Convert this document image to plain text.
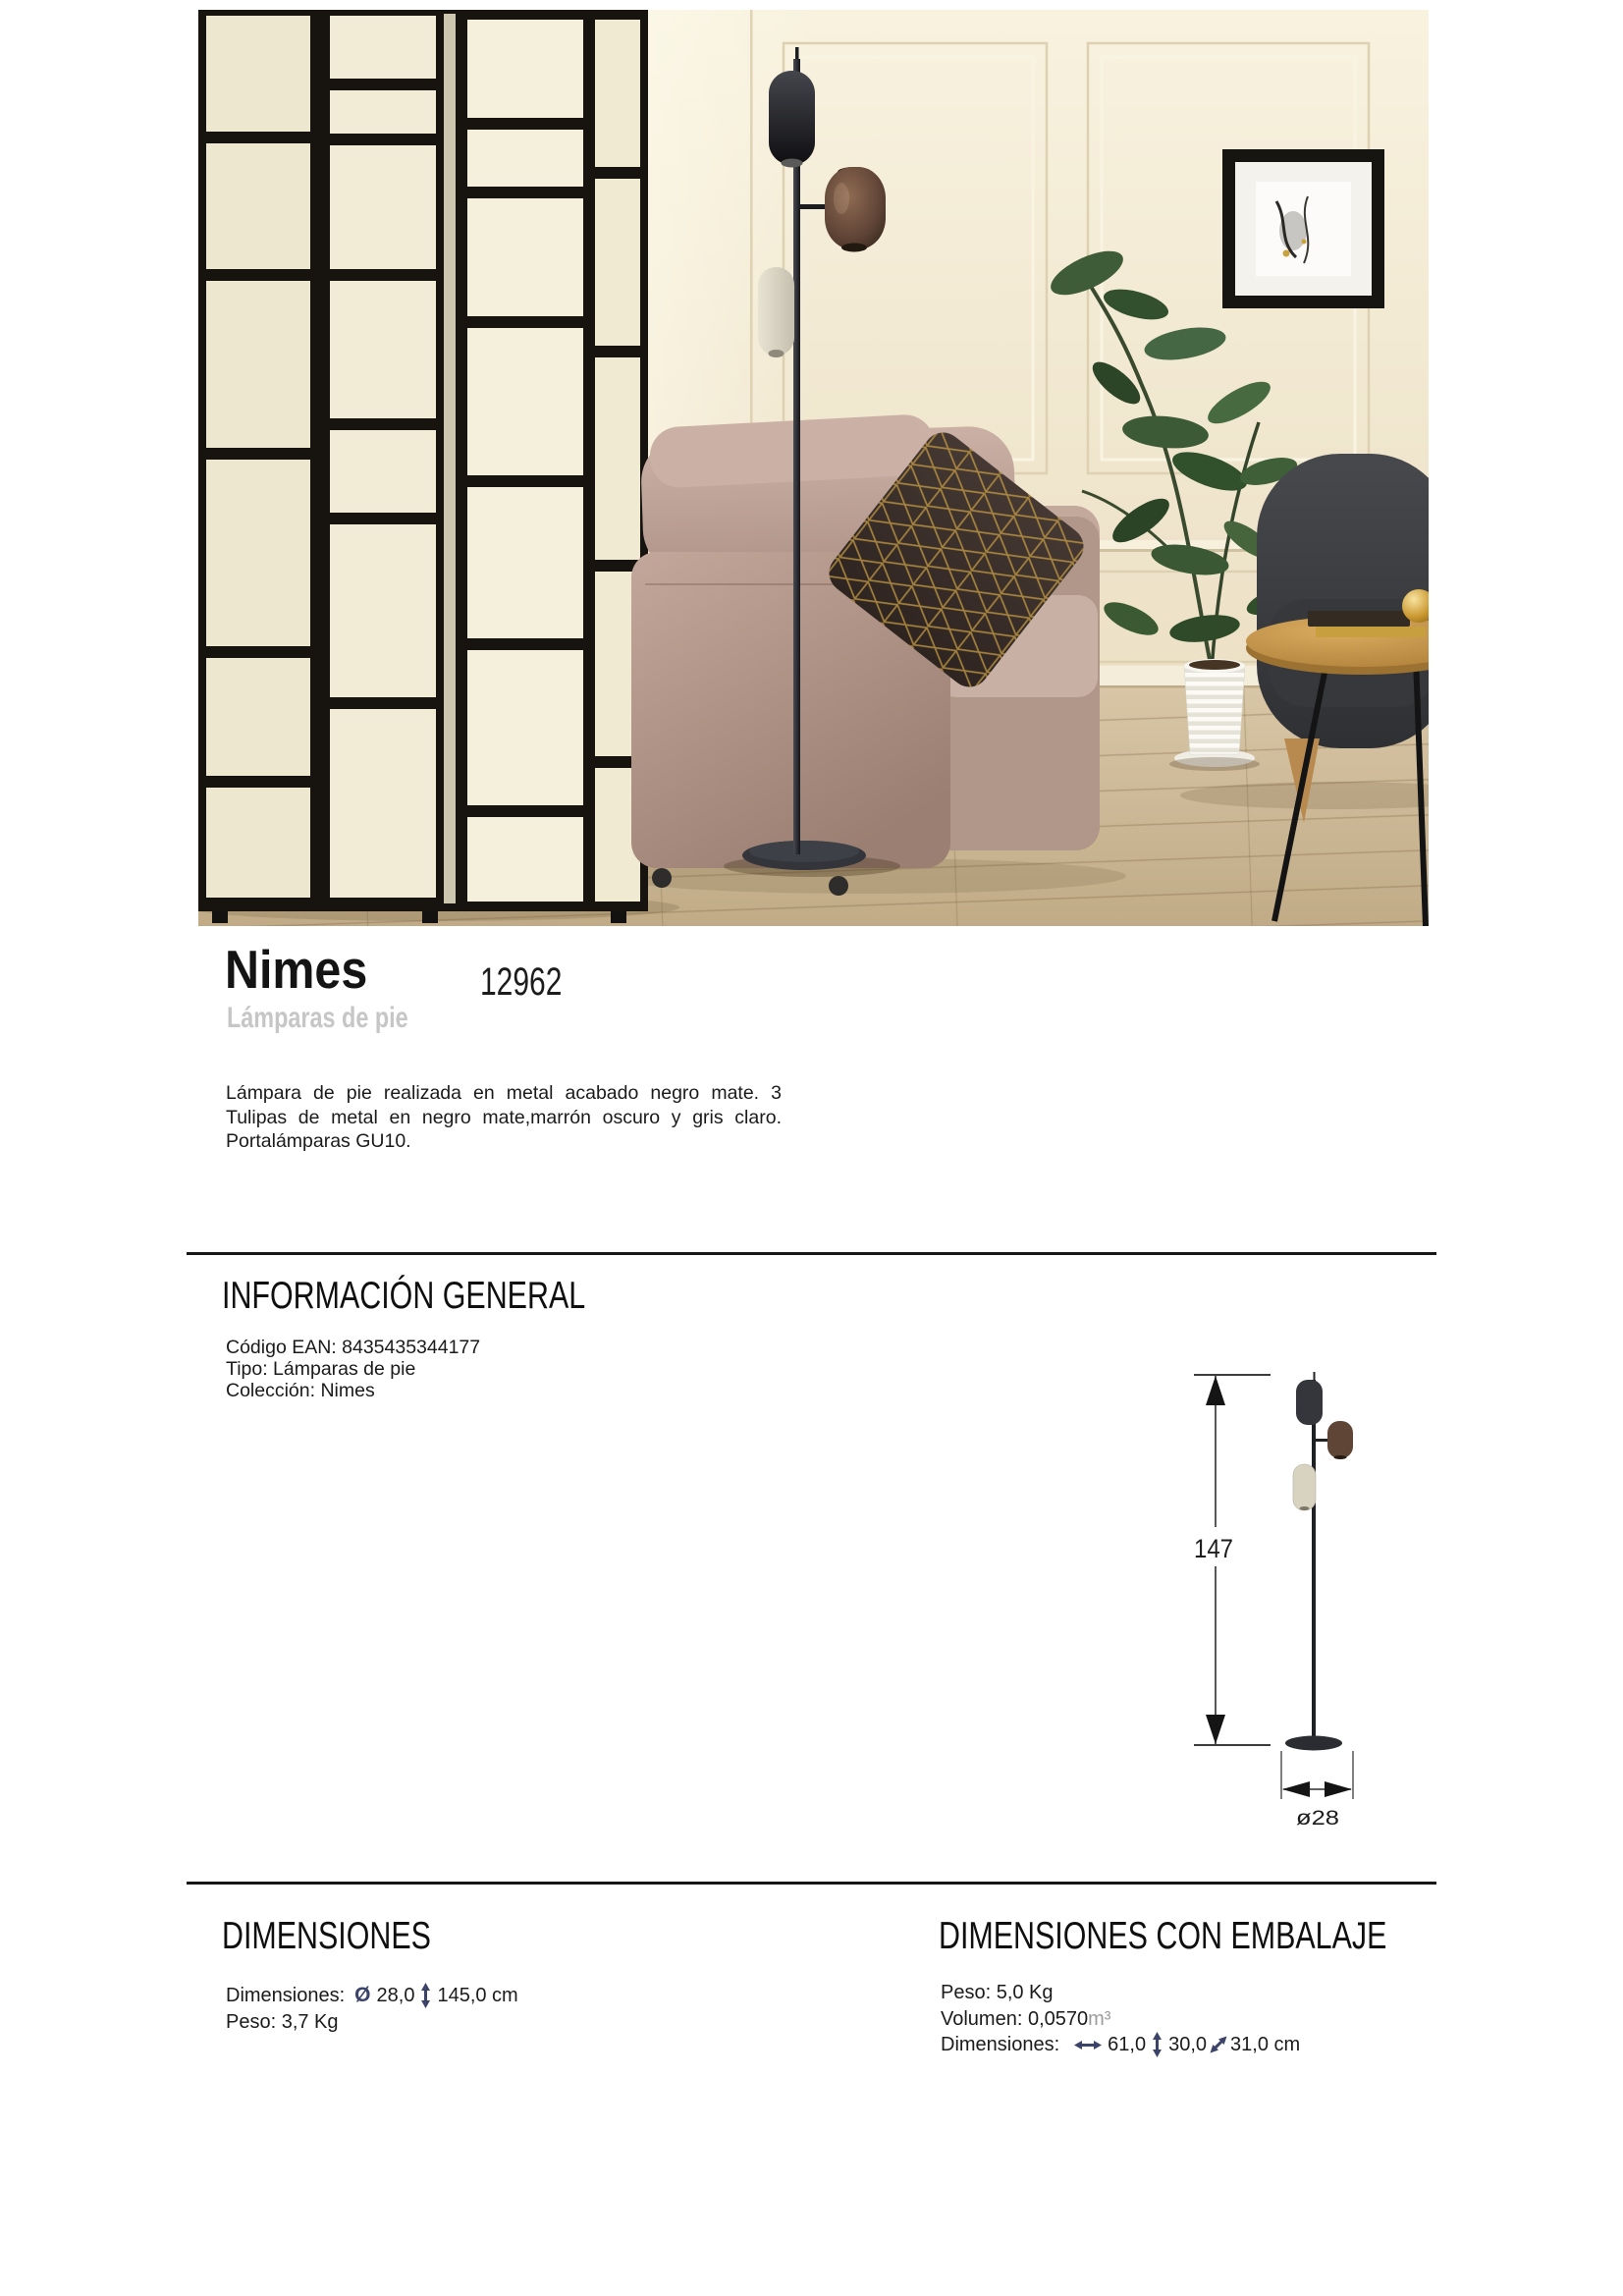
Nimes	12962
Lámparas de pie

Lámpara de pie realizada en metal acabado negro mate. 3 Tulipas de metal en negro mate,marrón oscuro y gris claro. Portalámparas GU10.

INFORMACIÓN GENERAL
Código EAN: 8435435344177
Tipo: Lámparas de pie
Colección: Nimes
147
ø28
DIMENSIONES
Dimensiones: Ø 28,0 145,0 cm
Peso: 3,7 Kg
DIMENSIONES CON EMBALAJE
Peso: 5,0 Kg
Volumen: 0,0570m³
Dimensiones: 61,0 30,0 31,0 cm
